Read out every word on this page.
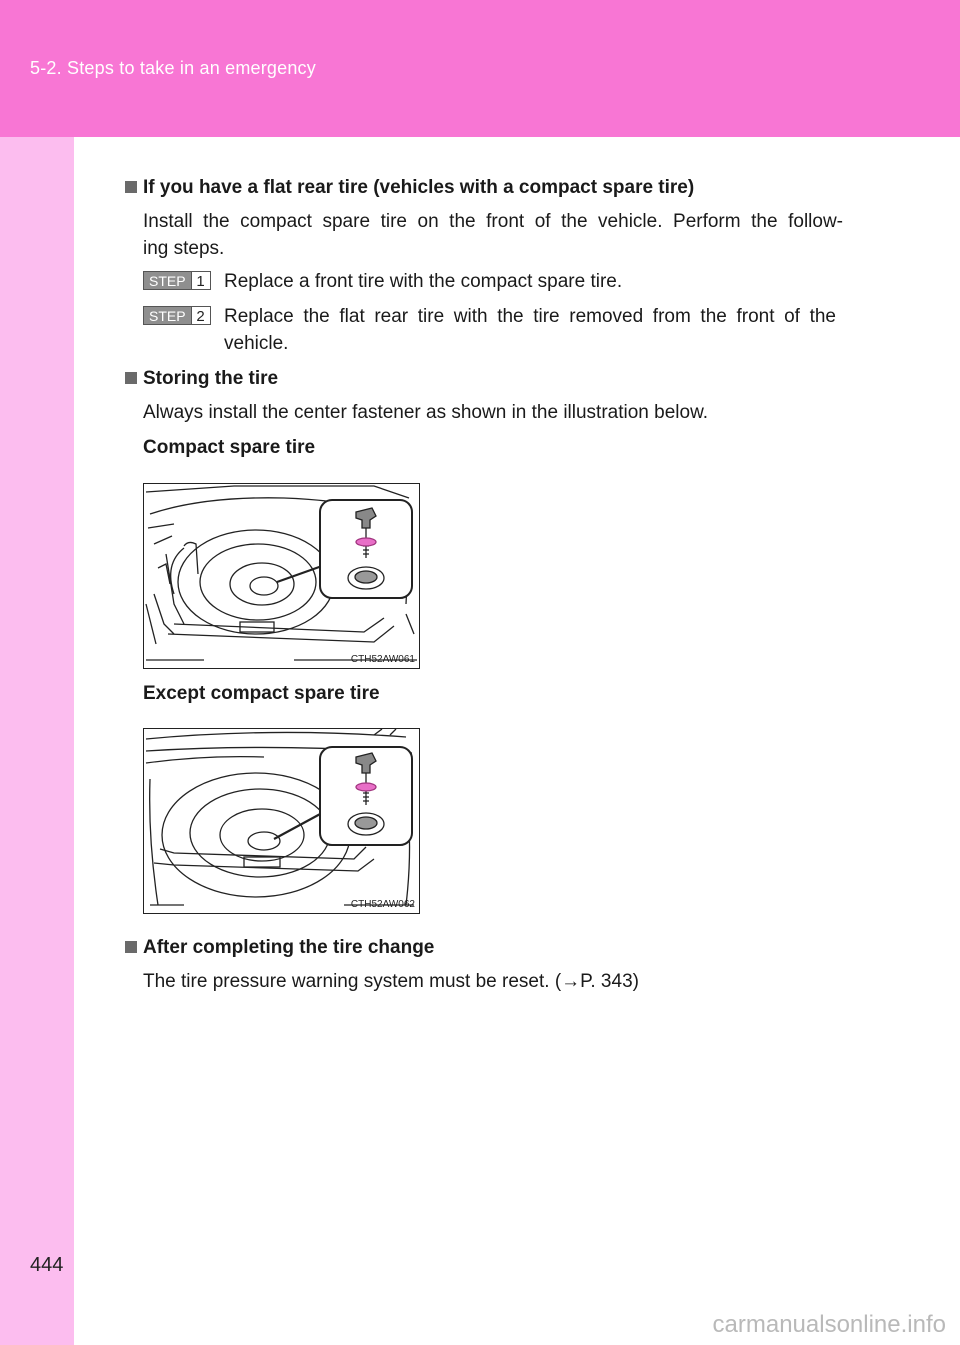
5-2. Steps to take in an emergency
444
If you have a flat rear tire (vehicles with a compact spare tire)
Install the compact spare tire on the front of the vehicle. Perform the follow-
ing steps.
STEP 1	Replace a front tire with the compact spare tire.
STEP 2	Replace the flat rear tire with the tire removed from the front of the
vehicle.
Storing the tire
Always install the center fastener as shown in the illustration below.
Compact spare tire
CTH52AW061
Except compact spare tire
CTH52AW062
After completing the tire change
The tire pressure warning system must be reset. (→P. 343)
carmanualsonline.info
